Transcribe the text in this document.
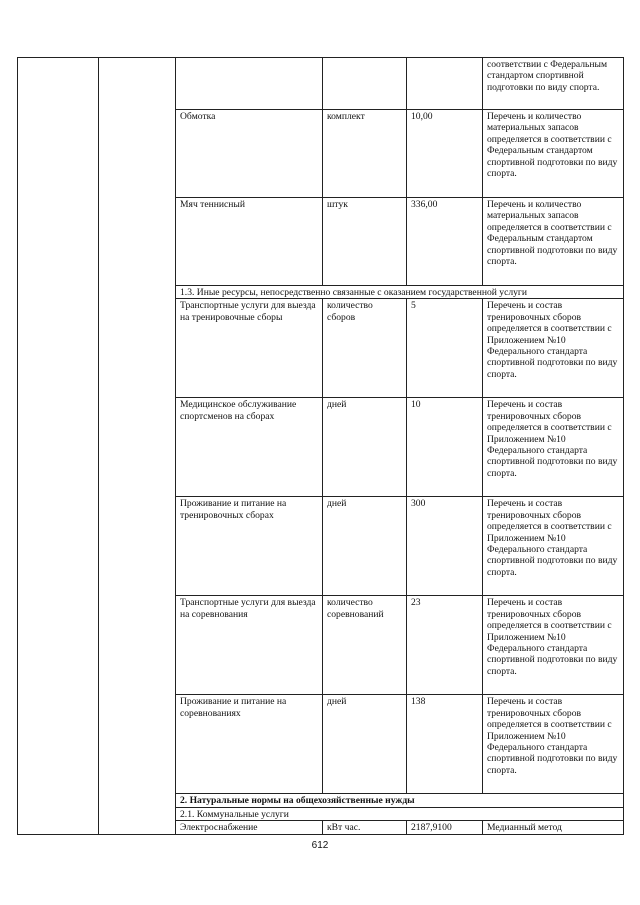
					соответствии с Федеральным стандартом спортивной подготовки по виду спорта.
		Обмотка	комплект	10,00	Перечень и количество материальных запасов определяется в соответствии с Федеральным стандартом спортивной подготовки по виду спорта.
		Мяч теннисный	штук	336,00	Перечень и количество материальных запасов определяется в соответствии с Федеральным стандартом спортивной подготовки по виду спорта.
		1.3. Иные ресурсы, непосредственно связанные с оказанием государственной услуги			
		Транспортные услуги для выезда на тренировочные сборы	количество сборов	5	Перечень и состав тренировочных сборов определяется в соответствии с Приложением №10 Федерального стандарта спортивной подготовки по виду спорта.
		Медицинское обслуживание спортсменов на сборах	дней	10	Перечень и состав тренировочных сборов определяется в соответствии с Приложением №10 Федерального стандарта спортивной подготовки по виду спорта.
		Проживание и питание на тренировочных сборах	дней	300	Перечень и состав тренировочных сборов определяется в соответствии с Приложением №10 Федерального стандарта спортивной подготовки по виду спорта.
		Транспортные услуги для выезда на соревнования	количество соревнований	23	Перечень и состав тренировочных сборов определяется в соответствии с Приложением №10 Федерального стандарта спортивной подготовки по виду спорта.
		Проживание и питание на соревнованиях	дней	138	Перечень и состав тренировочных сборов определяется в соответствии с Приложением №10 Федерального стандарта спортивной подготовки по виду спорта.
		2. Натуральные нормы на общехозяйственные нужды			
		2.1. Коммунальные услуги			
		Электроснабжение	кВт час.	2187,9100	Медианный метод
612
